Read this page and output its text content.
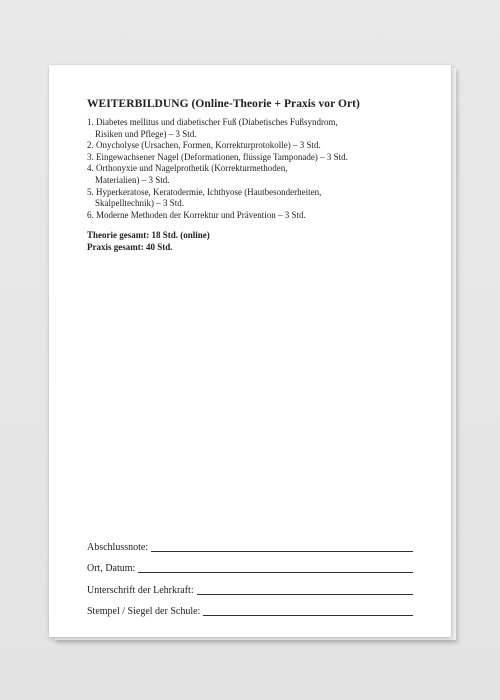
WEITERBILDUNG (Online-Theorie + Praxis vor Ort)
1. Diabetes mellitus und diabetischer Fuß (Diabetisches Fußsyndrom,
Risiken und Pflege) – 3 Std.
2. Onycholyse (Ursachen, Formen, Korrekturprotokolle) – 3 Std.
3. Eingewachsener Nagel (Deformationen, flüssige Tamponade) – 3 Std.
4. Orthonyxie und Nagelprothetik (Korrekturmethoden,
Materialien) – 3 Std.
5. Hyperkeratose, Keratodermie, Ichthyose (Hautbesonderheiten,
Skalpelltechnik) – 3 Std.
6. Moderne Methoden der Korrektur und Prävention – 3 Std.
Theorie gesamt: 18 Std. (online)
Praxis gesamt: 40 Std.
Abschlussnote:
Ort, Datum:
Unterschrift der Lehrkraft:
Stempel / Siegel der Schule:
